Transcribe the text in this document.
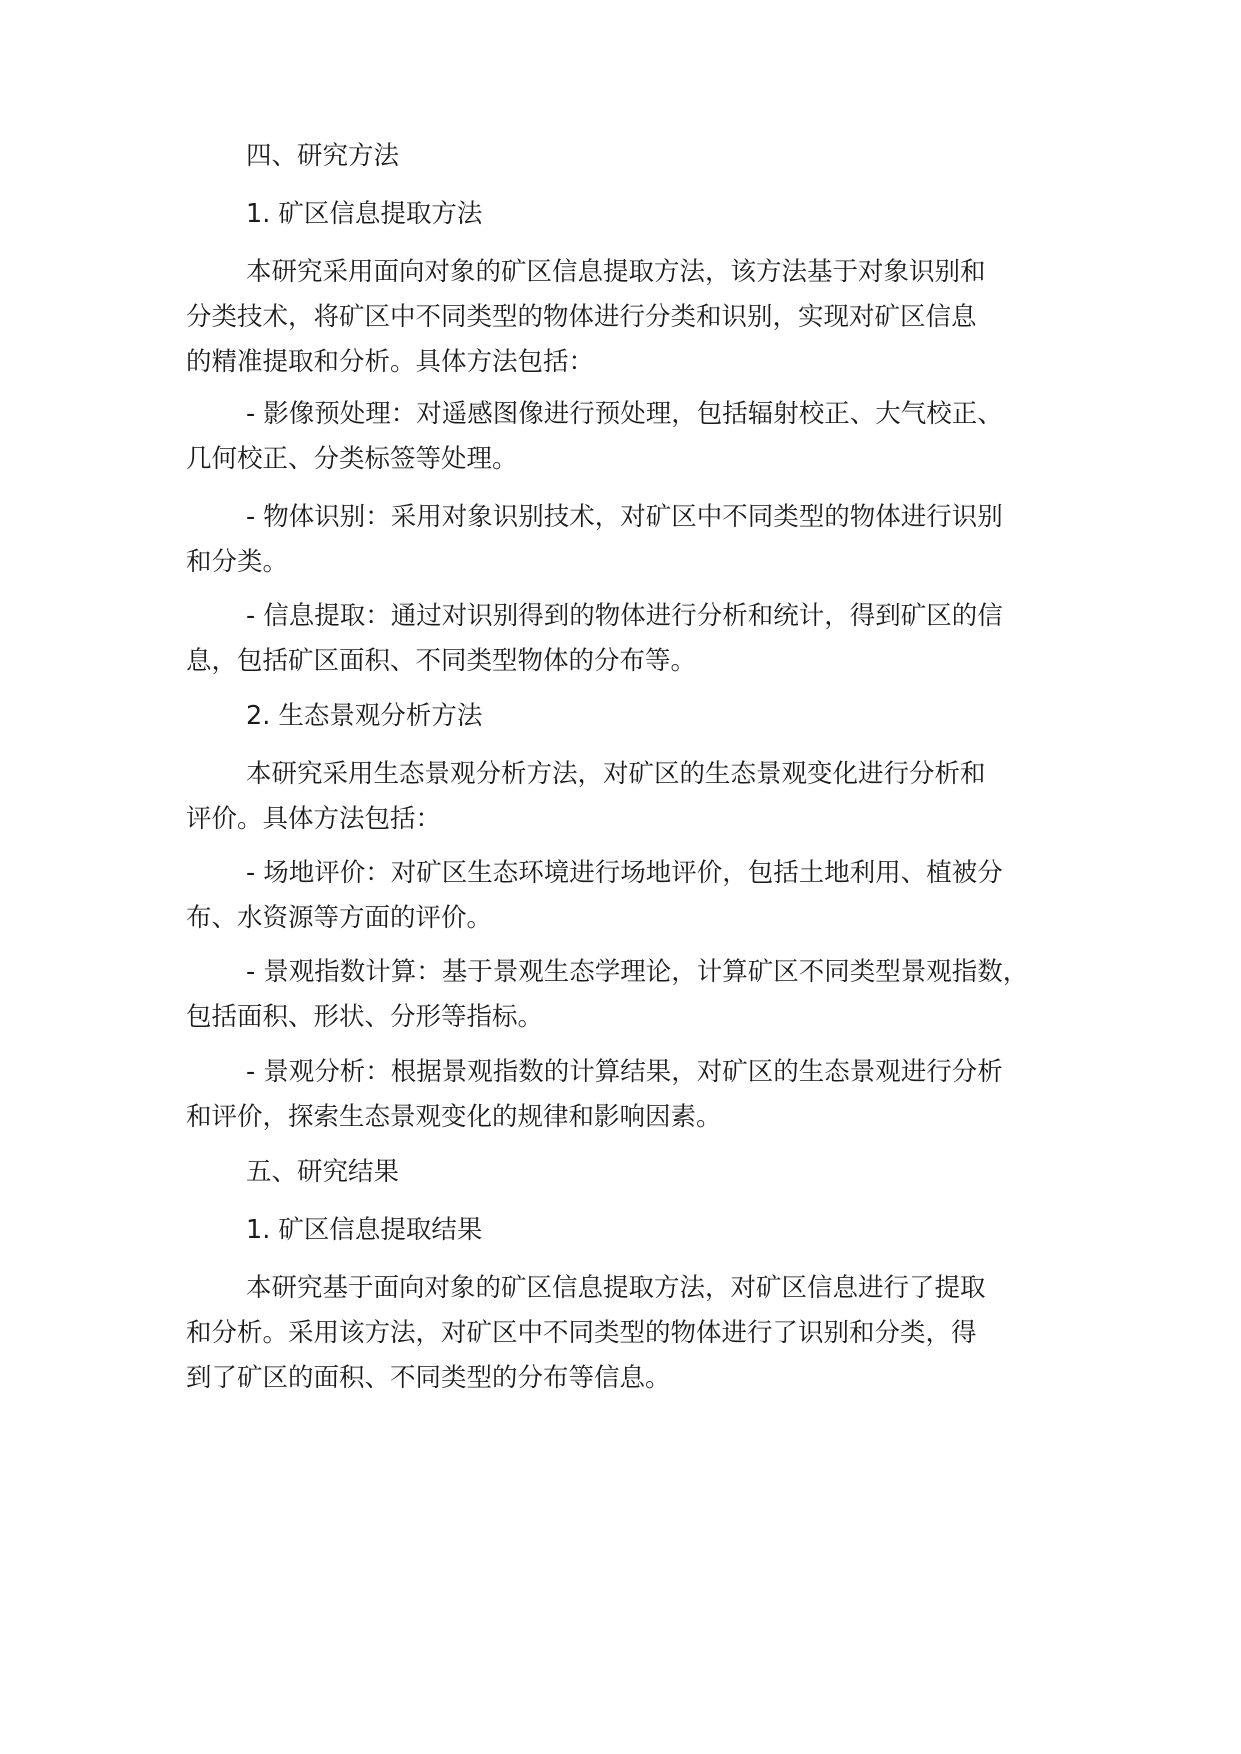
四、研究方法

1. 矿区信息提取方法

本研究采用面向对象的矿区信息提取方法，该方法基于对象识别和
分类技术，将矿区中不同类型的物体进行分类和识别，实现对矿区信息
的精准提取和分析。具体方法包括：

- 影像预处理：对遥感图像进行预处理，包括辐射校正、大气校正、
几何校正、分类标签等处理。

- 物体识别：采用对象识别技术，对矿区中不同类型的物体进行识别
和分类。

- 信息提取：通过对识别得到的物体进行分析和统计，得到矿区的信
息，包括矿区面积、不同类型物体的分布等。

2. 生态景观分析方法

本研究采用生态景观分析方法，对矿区的生态景观变化进行分析和
评价。具体方法包括：

- 场地评价：对矿区生态环境进行场地评价，包括土地利用、植被分
布、水资源等方面的评价。

- 景观指数计算：基于景观生态学理论，计算矿区不同类型景观指数，
包括面积、形状、分形等指标。

- 景观分析：根据景观指数的计算结果，对矿区的生态景观进行分析
和评价，探索生态景观变化的规律和影响因素。

五、研究结果

1. 矿区信息提取结果

本研究基于面向对象的矿区信息提取方法，对矿区信息进行了提取
和分析。采用该方法，对矿区中不同类型的物体进行了识别和分类，得
到了矿区的面积、不同类型的分布等信息。
